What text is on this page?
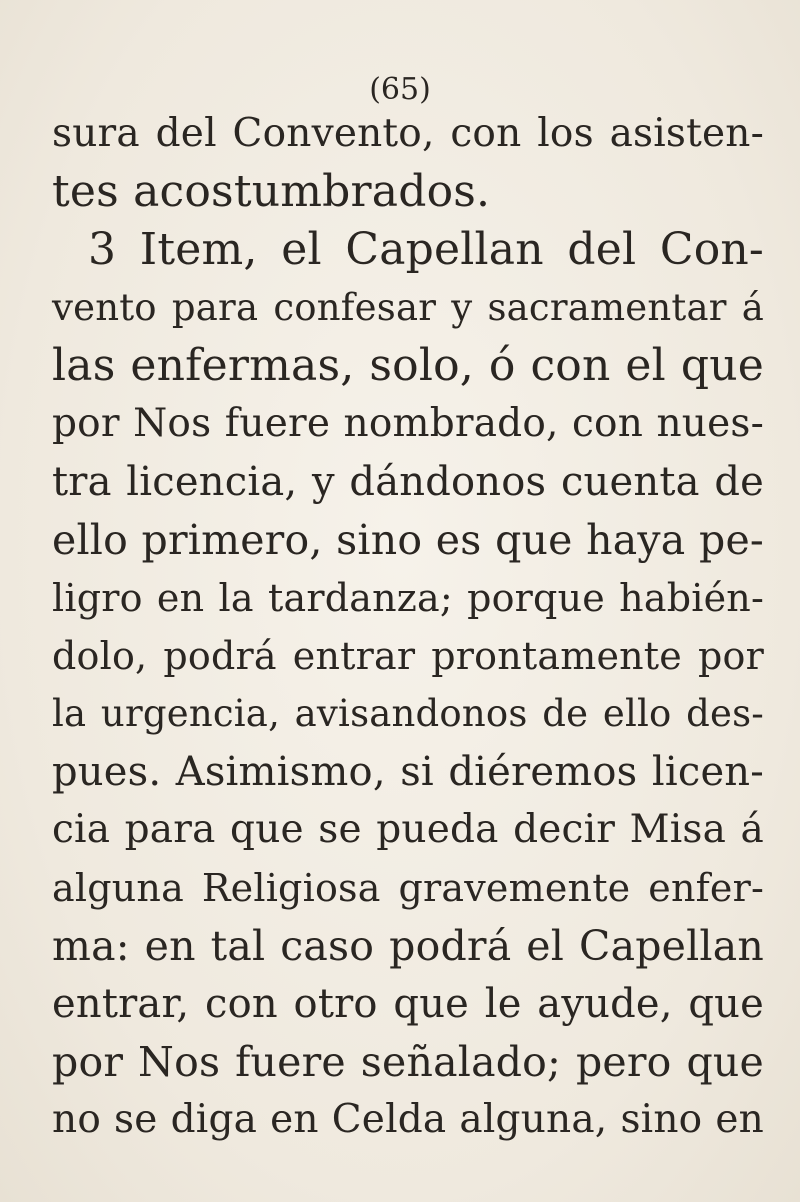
(65)
sura del Convento, con los asisten-
tes acostumbrados.
3 Item, el Capellan del Con-
vento para confesar y sacramentar á
las enfermas, solo, ó con el que
por Nos fuere nombrado, con nues-
tra licencia, y dándonos cuenta de
ello primero, sino es que haya pe-
ligro en la tardanza; porque habién-
dolo, podrá entrar prontamente por
la urgencia, avisandonos de ello des-
pues. Asimismo, si diéremos licen-
cia para que se pueda decir Misa á
alguna Religiosa gravemente enfer-
ma: en tal caso podrá el Capellan
entrar, con otro que le ayude, que
por Nos fuere señalado; pero que
no se diga en Celda alguna, sino en
